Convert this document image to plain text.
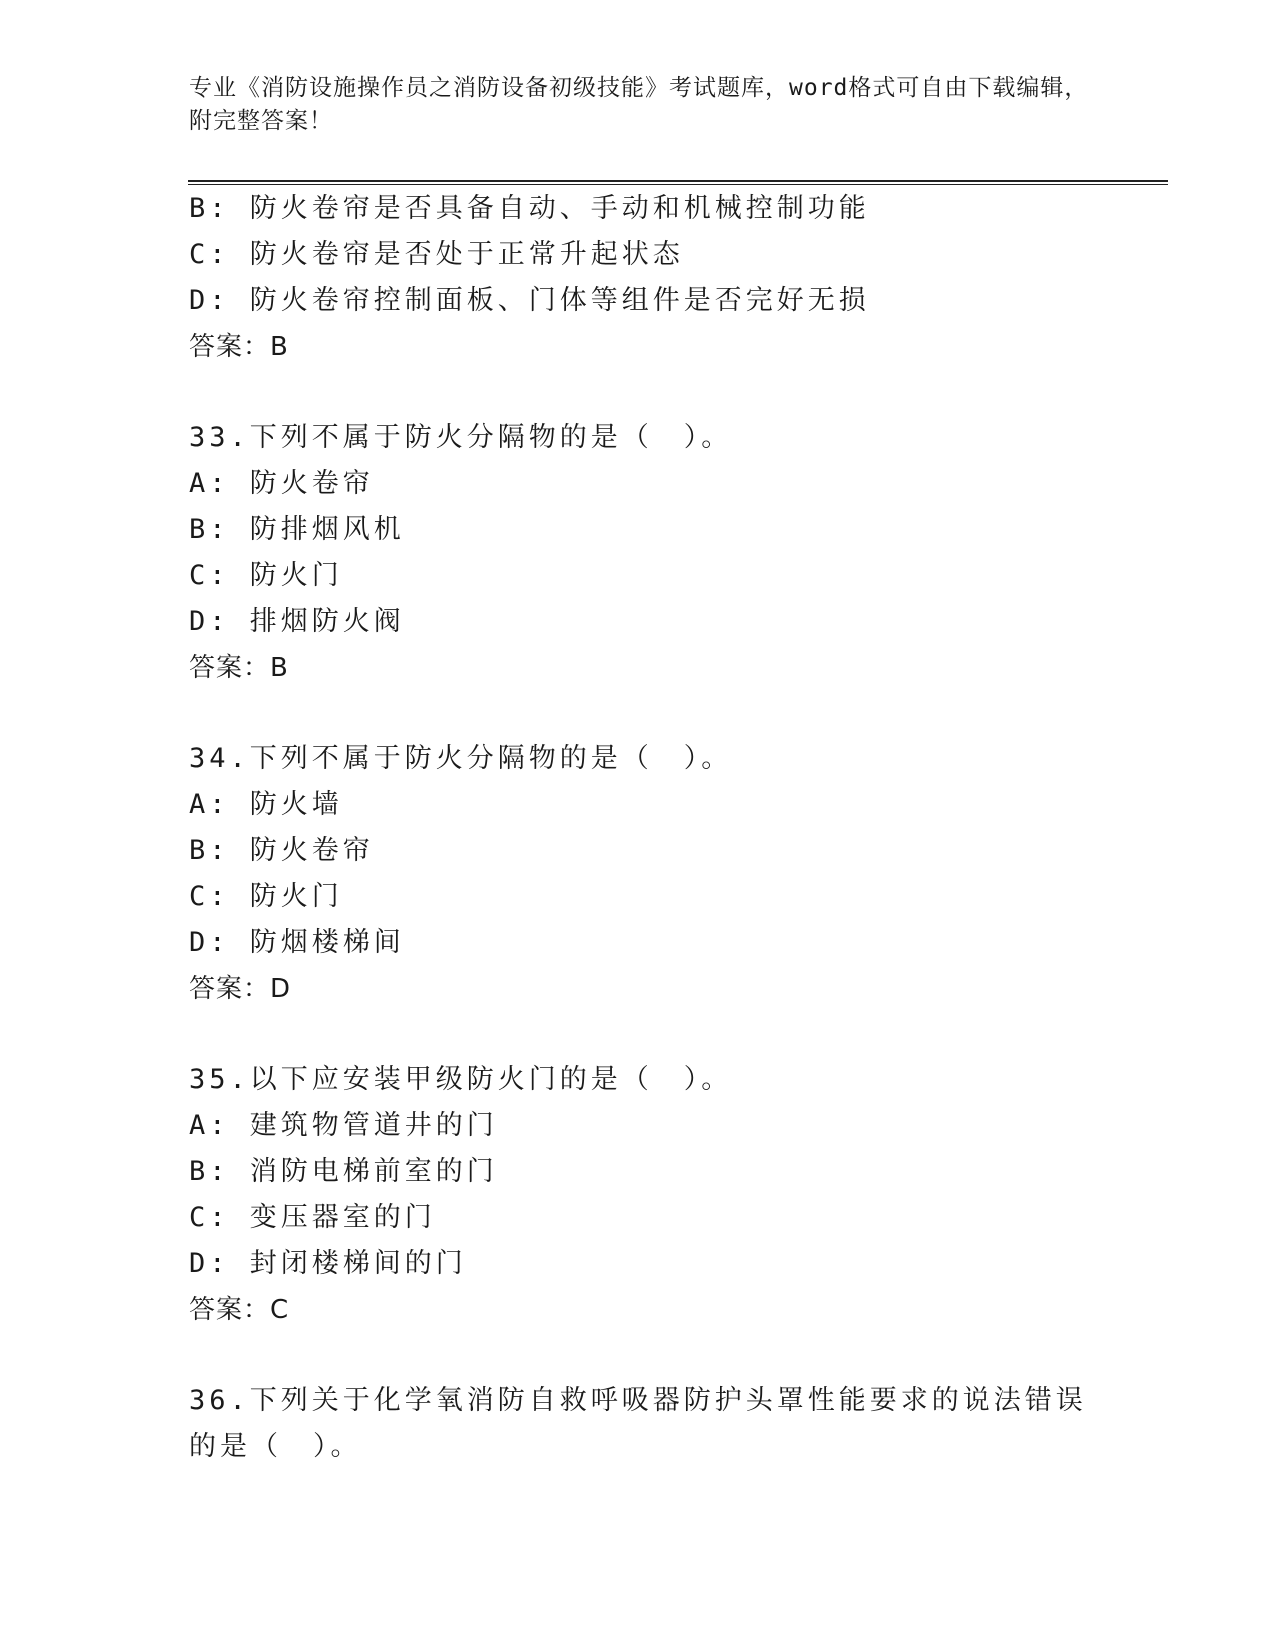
专业《消防设施操作员之消防设备初级技能》考试题库，word格式可自由下载编辑，附完整答案！
B: 防火卷帘是否具备自动、手动和机械控制功能
C: 防火卷帘是否处于正常升起状态
D: 防火卷帘控制面板、门体等组件是否完好无损
答案：B
33.下列不属于防火分隔物的是（　）。
A: 防火卷帘
B: 防排烟风机
C: 防火门
D: 排烟防火阀
答案：B
34.下列不属于防火分隔物的是（　）。
A: 防火墙
B: 防火卷帘
C: 防火门
D: 防烟楼梯间
答案：D
35.以下应安装甲级防火门的是（　）。
A: 建筑物管道井的门
B: 消防电梯前室的门
C: 变压器室的门
D: 封闭楼梯间的门
答案：C
36.下列关于化学氧消防自救呼吸器防护头罩性能要求的说法错误的是（　）。
